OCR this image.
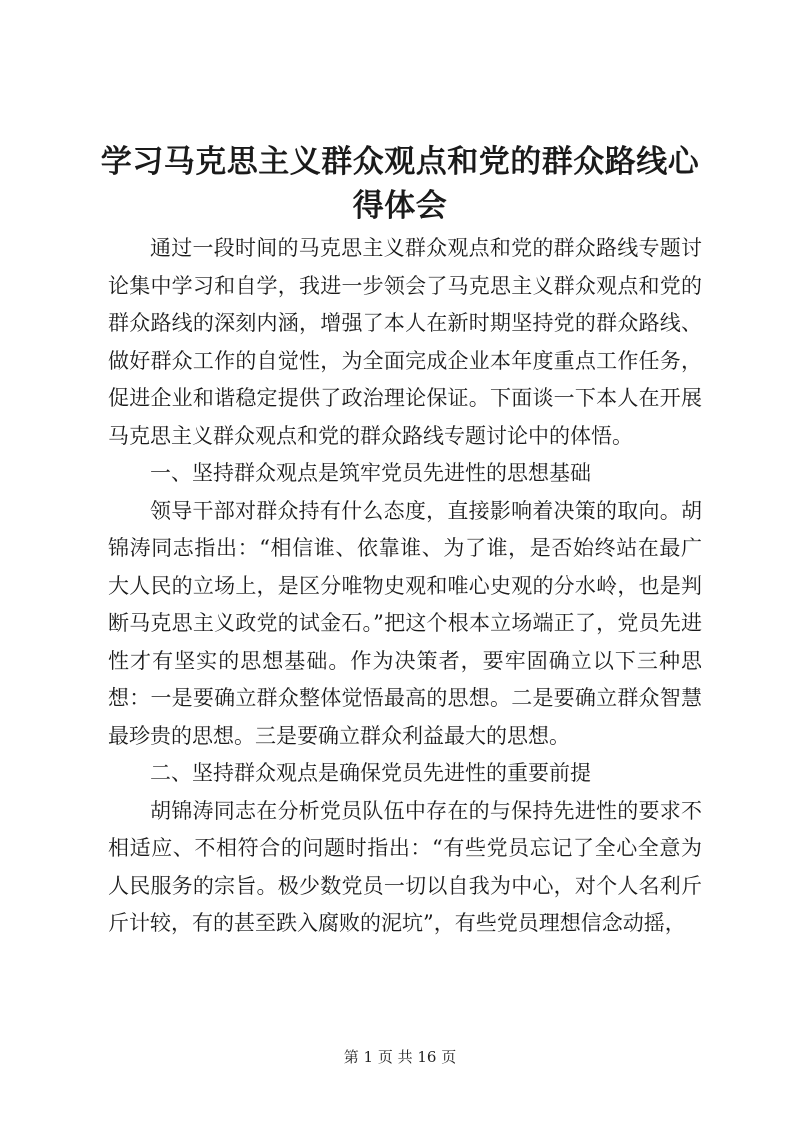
学习马克思主义群众观点和党的群众路线心得体会

通过一段时间的马克思主义群众观点和党的群众路线专题讨论集中学习和自学，我进一步领会了马克思主义群众观点和党的群众路线的深刻内涵，增强了本人在新时期坚持党的群众路线、做好群众工作的自觉性，为全面完成企业本年度重点工作任务，促进企业和谐稳定提供了政治理论保证。下面谈一下本人在开展马克思主义群众观点和党的群众路线专题讨论中的体悟。

一、坚持群众观点是筑牢党员先进性的思想基础

领导干部对群众持有什么态度，直接影响着决策的取向。胡锦涛同志指出：“相信谁、依靠谁、为了谁，是否始终站在最广大人民的立场上，是区分唯物史观和唯心史观的分水岭，也是判断马克思主义政党的试金石。”把这个根本立场端正了，党员先进性才有坚实的思想基础。作为决策者，要牢固确立以下三种思想：一是要确立群众整体觉悟最高的思想。二是要确立群众智慧最珍贵的思想。三是要确立群众利益最大的思想。

二、坚持群众观点是确保党员先进性的重要前提

胡锦涛同志在分析党员队伍中存在的与保持先进性的要求不相适应、不相符合的问题时指出：“有些党员忘记了全心全意为人民服务的宗旨。极少数党员一切以自我为中心，对个人名利斤斤计较，有的甚至跌入腐败的泥坑”，有些党员理想信念动摇，

第 1 页 共 16 页
